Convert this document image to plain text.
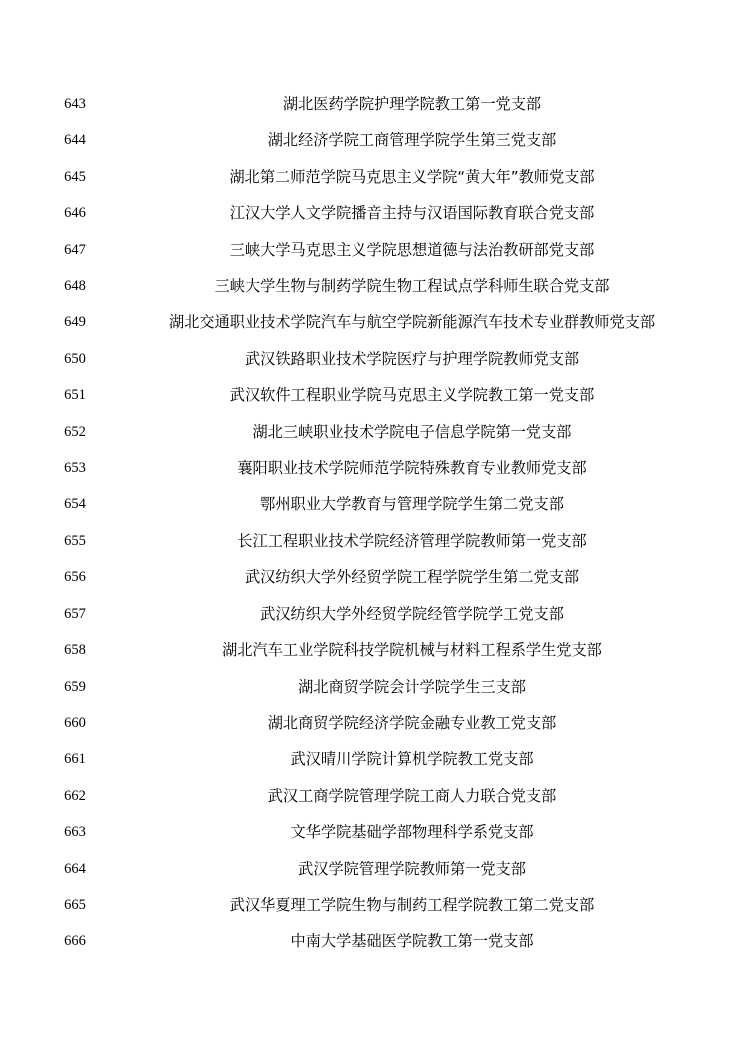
643	湖北医药学院护理学院教工第一党支部
644	湖北经济学院工商管理学院学生第三党支部
645	湖北第二师范学院马克思主义学院“黄大年”教师党支部
646	江汉大学人文学院播音主持与汉语国际教育联合党支部
647	三峡大学马克思主义学院思想道德与法治教研部党支部
648	三峡大学生物与制药学院生物工程试点学科师生联合党支部
649	湖北交通职业技术学院汽车与航空学院新能源汽车技术专业群教师党支部
650	武汉铁路职业技术学院医疗与护理学院教师党支部
651	武汉软件工程职业学院马克思主义学院教工第一党支部
652	湖北三峡职业技术学院电子信息学院第一党支部
653	襄阳职业技术学院师范学院特殊教育专业教师党支部
654	鄂州职业大学教育与管理学院学生第二党支部
655	长江工程职业技术学院经济管理学院教师第一党支部
656	武汉纺织大学外经贸学院工程学院学生第二党支部
657	武汉纺织大学外经贸学院经管学院学工党支部
658	湖北汽车工业学院科技学院机械与材料工程系学生党支部
659	湖北商贸学院会计学院学生三支部
660	湖北商贸学院经济学院金融专业教工党支部
661	武汉晴川学院计算机学院教工党支部
662	武汉工商学院管理学院工商人力联合党支部
663	文华学院基础学部物理科学系党支部
664	武汉学院管理学院教师第一党支部
665	武汉华夏理工学院生物与制药工程学院教工第二党支部
666	中南大学基础医学院教工第一党支部
